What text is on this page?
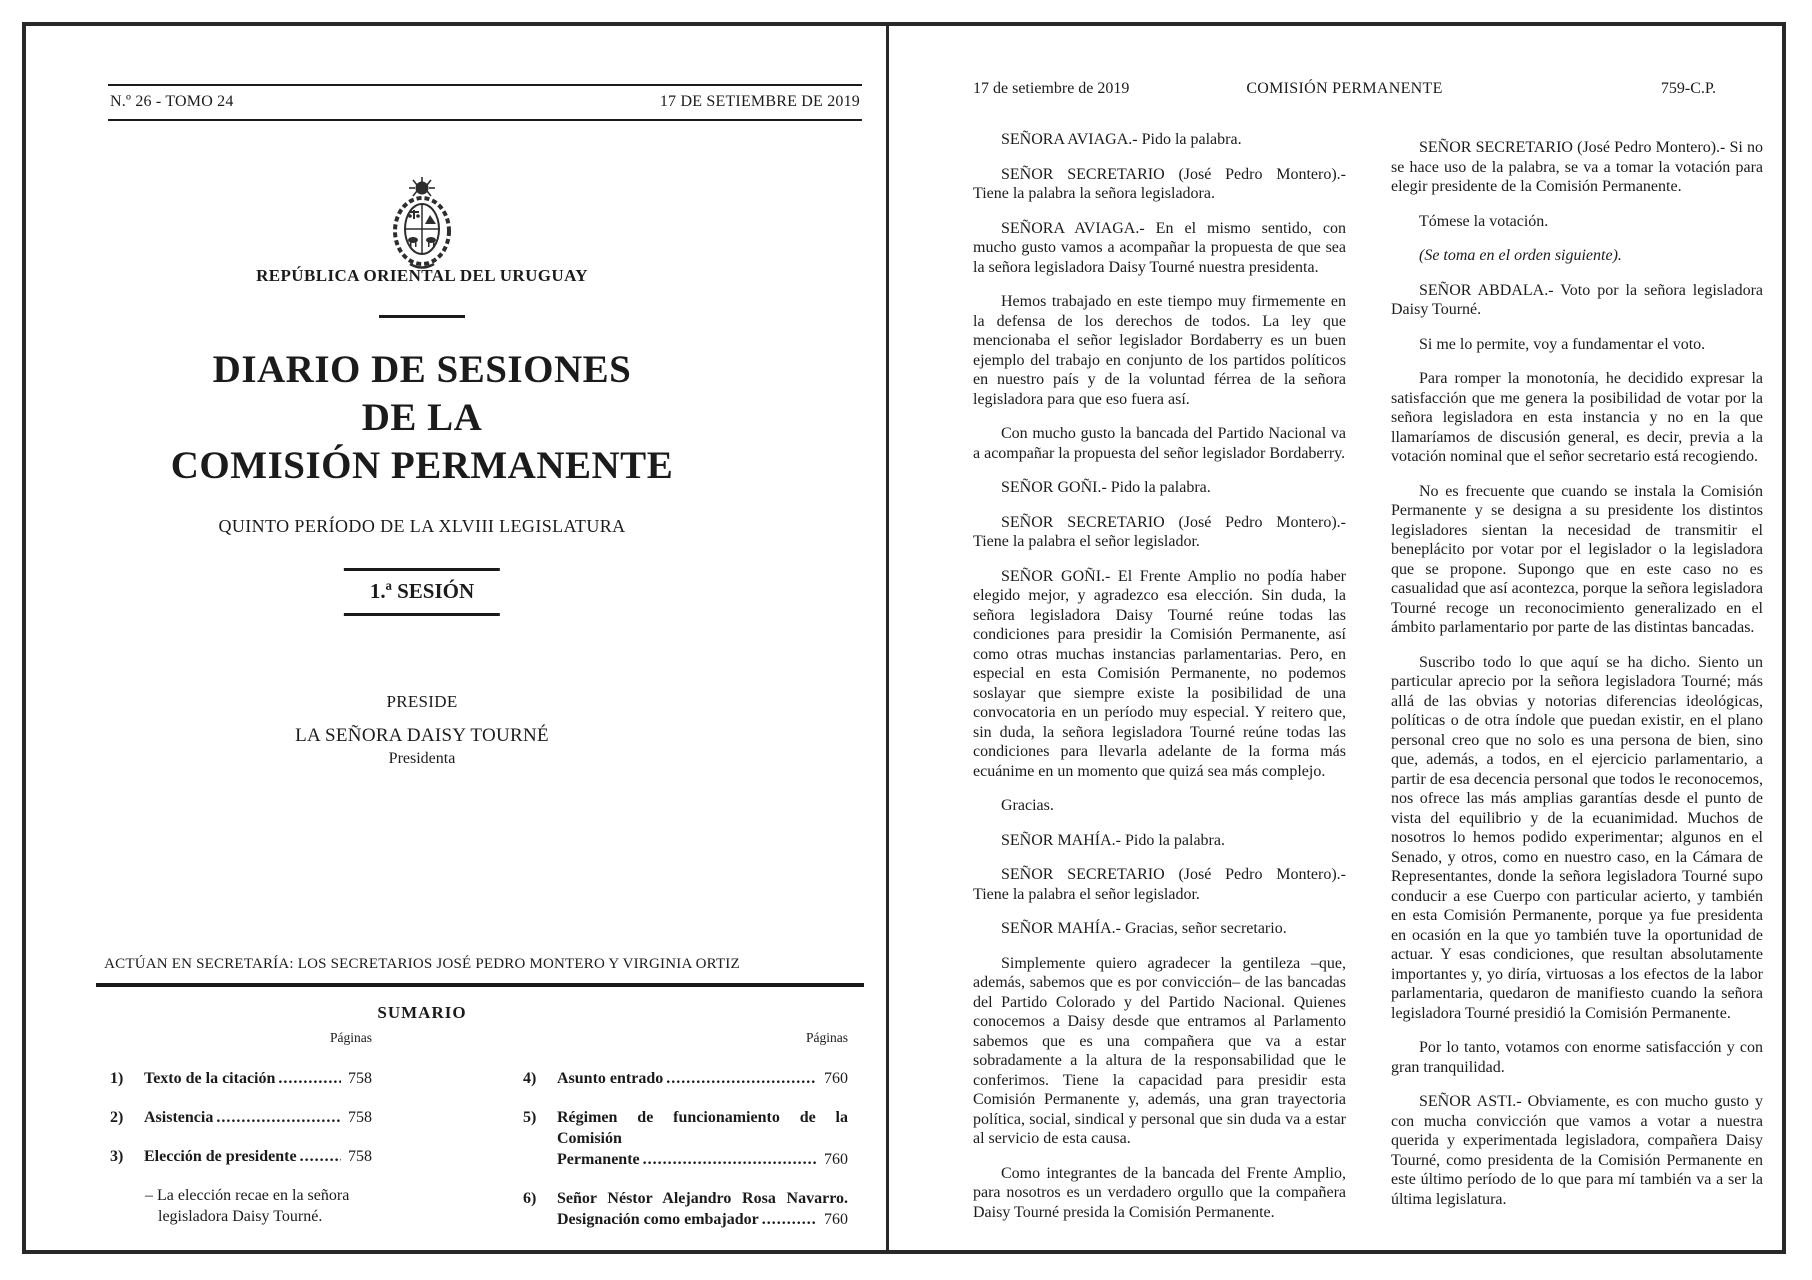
N.º 26 - TOMO 24	17 DE SETIEMBRE DE 2019
REPÚBLICA ORIENTAL DEL URUGUAY
DIARIO DE SESIONES
DE LA
COMISIÓN PERMANENTE
QUINTO PERÍODO DE LA XLVIII LEGISLATURA
1.ª SESIÓN
PRESIDE
LA SEÑORA DAISY TOURNÉ
Presidenta
ACTÚAN EN SECRETARÍA: LOS SECRETARIOS JOSÉ PEDRO MONTERO Y VIRGINIA ORTIZ
SUMARIO
Páginas	Páginas
1)	Texto de la citación .....	758
2)	Asistencia .....	758
3)	Elección de presidente .....	758
– La elección recae en la señora legisladora Daisy Tourné.
4)	Asunto entrado .....	760
5)	Régimen de funcionamiento de la Comisión
Permanente .....	760
6)	Señor Néstor Alejandro Rosa Navarro.
Designación como embajador .....	760
17 de setiembre de 2019	COMISIÓN PERMANENTE	759-C.P.
SEÑORA AVIAGA.- Pido la palabra.
SEÑOR SECRETARIO (José Pedro Montero).- Tiene la palabra la señora legisladora.
SEÑORA AVIAGA.- En el mismo sentido, con mucho gusto vamos a acompañar la propuesta de que sea la señora legisladora Daisy Tourné nuestra presidenta.
Hemos trabajado en este tiempo muy firmemente en la defensa de los derechos de todos. La ley que mencionaba el señor legislador Bordaberry es un buen ejemplo del trabajo en conjunto de los partidos políticos en nuestro país y de la voluntad férrea de la señora legisladora para que eso fuera así.
Con mucho gusto la bancada del Partido Nacional va a acompañar la propuesta del señor legislador Bordaberry.
SEÑOR GOÑI.- Pido la palabra.
SEÑOR SECRETARIO (José Pedro Montero).- Tiene la palabra el señor legislador.
SEÑOR GOÑI.- El Frente Amplio no podía haber elegido mejor, y agradezco esa elección. Sin duda, la señora legisladora Daisy Tourné reúne todas las condiciones para presidir la Comisión Permanente, así como otras muchas instancias parlamentarias. Pero, en especial en esta Comisión Permanente, no podemos soslayar que siempre existe la posibilidad de una convocatoria en un período muy especial. Y reitero que, sin duda, la señora legisladora Tourné reúne todas las condiciones para llevarla adelante de la forma más ecuánime en un momento que quizá sea más complejo.
Gracias.
SEÑOR MAHÍA.- Pido la palabra.
SEÑOR SECRETARIO (José Pedro Montero).- Tiene la palabra el señor legislador.
SEÑOR MAHÍA.- Gracias, señor secretario.
Simplemente quiero agradecer la gentileza –que, además, sabemos que es por convicción– de las bancadas del Partido Colorado y del Partido Nacional. Quienes conocemos a Daisy desde que entramos al Parlamento sabemos que es una compañera que va a estar sobradamente a la altura de la responsabilidad que le conferimos. Tiene la capacidad para presidir esta Comisión Permanente y, además, una gran trayectoria política, social, sindical y personal que sin duda va a estar al servicio de esta causa.
Como integrantes de la bancada del Frente Amplio, para nosotros es un verdadero orgullo que la compañera Daisy Tourné presida la Comisión Permanente.
SEÑOR SECRETARIO (José Pedro Montero).- Si no se hace uso de la palabra, se va a tomar la votación para elegir presidente de la Comisión Permanente.
Tómese la votación.
(Se toma en el orden siguiente).
SEÑOR ABDALA.- Voto por la señora legisladora Daisy Tourné.
Si me lo permite, voy a fundamentar el voto.
Para romper la monotonía, he decidido expresar la satisfacción que me genera la posibilidad de votar por la señora legisladora en esta instancia y no en la que llamaríamos de discusión general, es decir, previa a la votación nominal que el señor secretario está recogiendo.
No es frecuente que cuando se instala la Comisión Permanente y se designa a su presidente los distintos legisladores sientan la necesidad de transmitir el beneplácito por votar por el legislador o la legisladora que se propone. Supongo que en este caso no es casualidad que así acontezca, porque la señora legisladora Tourné recoge un reconocimiento generalizado en el ámbito parlamentario por parte de las distintas bancadas.
Suscribo todo lo que aquí se ha dicho. Siento un particular aprecio por la señora legisladora Tourné; más allá de las obvias y notorias diferencias ideológicas, políticas o de otra índole que puedan existir, en el plano personal creo que no solo es una persona de bien, sino que, además, a todos, en el ejercicio parlamentario, a partir de esa decencia personal que todos le reconocemos, nos ofrece las más amplias garantías desde el punto de vista del equilibrio y de la ecuanimidad. Muchos de nosotros lo hemos podido experimentar; algunos en el Senado, y otros, como en nuestro caso, en la Cámara de Representantes, donde la señora legisladora Tourné supo conducir a ese Cuerpo con particular acierto, y también en esta Comisión Permanente, porque ya fue presidenta en ocasión en la que yo también tuve la oportunidad de actuar. Y esas condiciones, que resultan absolutamente importantes y, yo diría, virtuosas a los efectos de la labor parlamentaria, quedaron de manifiesto cuando la señora legisladora Tourné presidió la Comisión Permanente.
Por lo tanto, votamos con enorme satisfacción y con gran tranquilidad.
SEÑOR ASTI.- Obviamente, es con mucho gusto y con mucha convicción que vamos a votar a nuestra querida y experimentada legisladora, compañera Daisy Tourné, como presidenta de la Comisión Permanente en este último período de lo que para mí también va a ser la última legislatura.
